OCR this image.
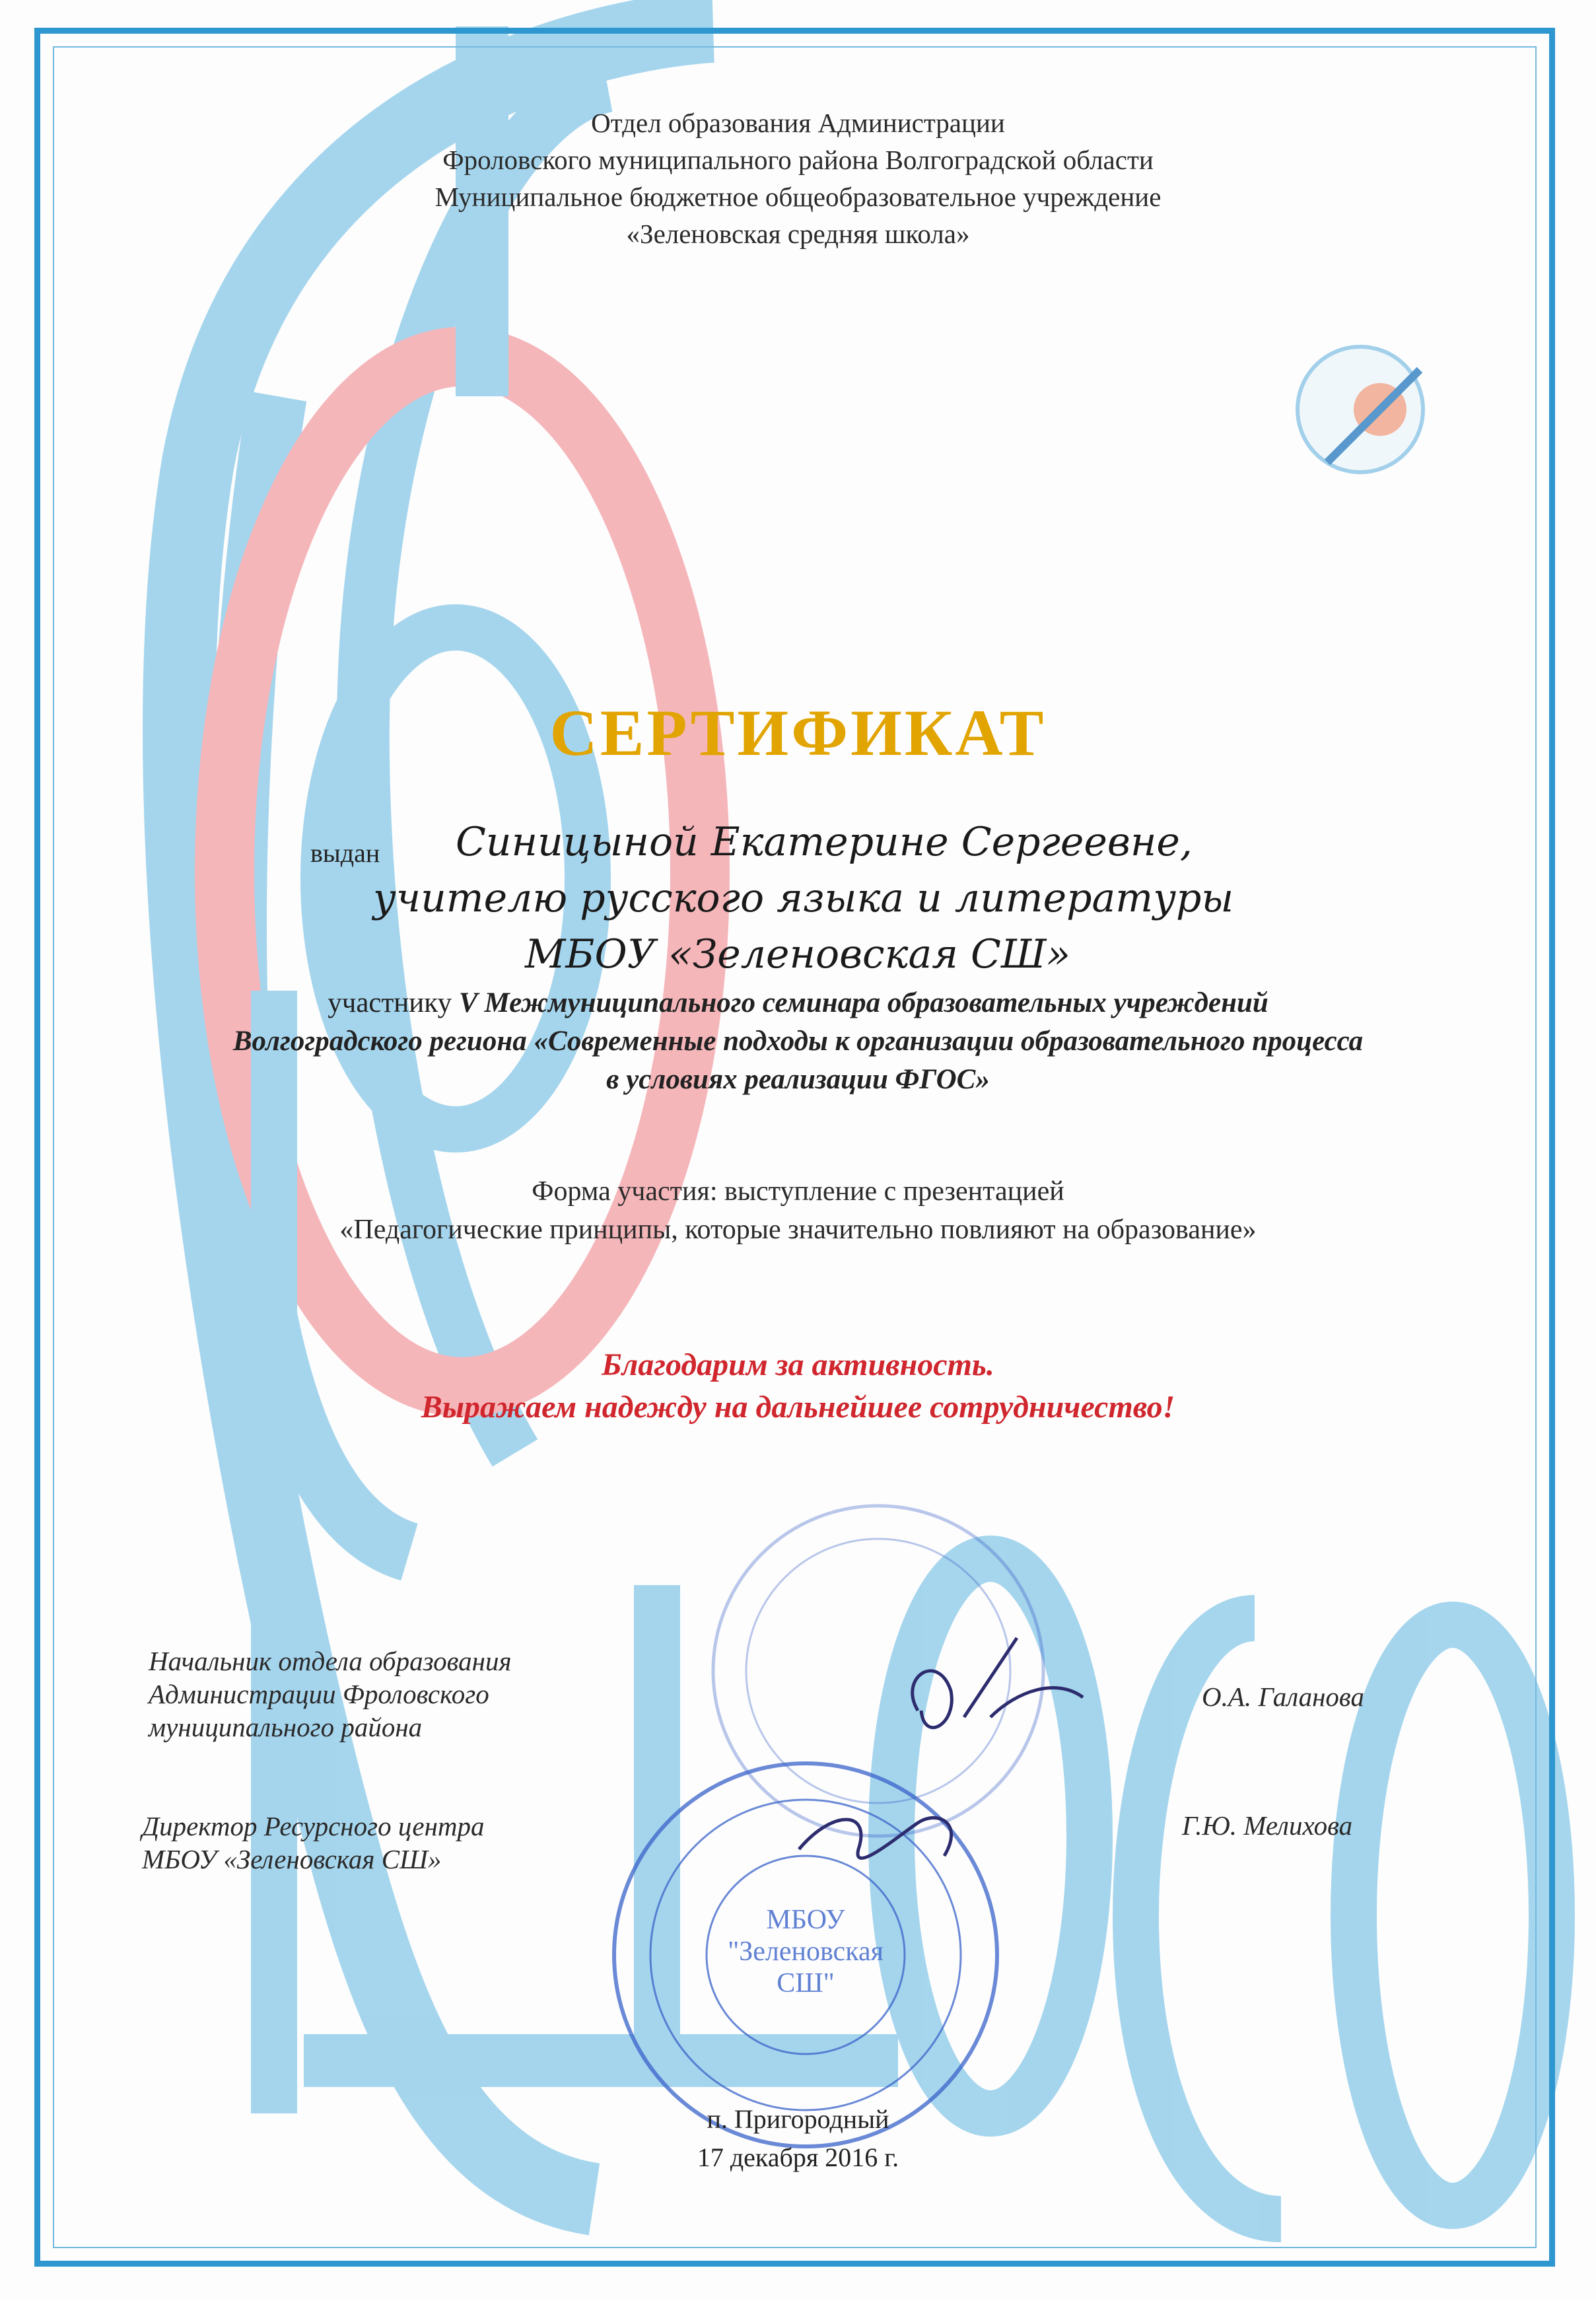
Отдел образования Администрации
Фроловского муниципального района Волгоградской области
Муниципальное бюджетное общеобразовательное учреждение
«Зеленовская средняя школа»
СЕРТИФИКАТ
выдан Синицыной Екатерине Сергеевне,
учителю русского языка и литературы
МБОУ «Зеленовская СШ»
участнику V Межмуниципального семинара образовательных учреждений
Волгоградского региона «Современные подходы к организации образовательного процесса
в условиях реализации ФГОС»
Форма участия: выступление с презентацией
«Педагогические принципы, которые значительно повлияют на образование»
Благодарим за активность.
Выражаем надежду на дальнейшее сотрудничество!
МБОУ
"Зеленовская
СШ"
Начальник отдела образования
Администрации Фроловского
муниципального района
О.А. Галанова
Директор Ресурсного центра
МБОУ «Зеленовская СШ»
Г.Ю. Мелихова
п. Пригородный
17 декабря 2016 г.
